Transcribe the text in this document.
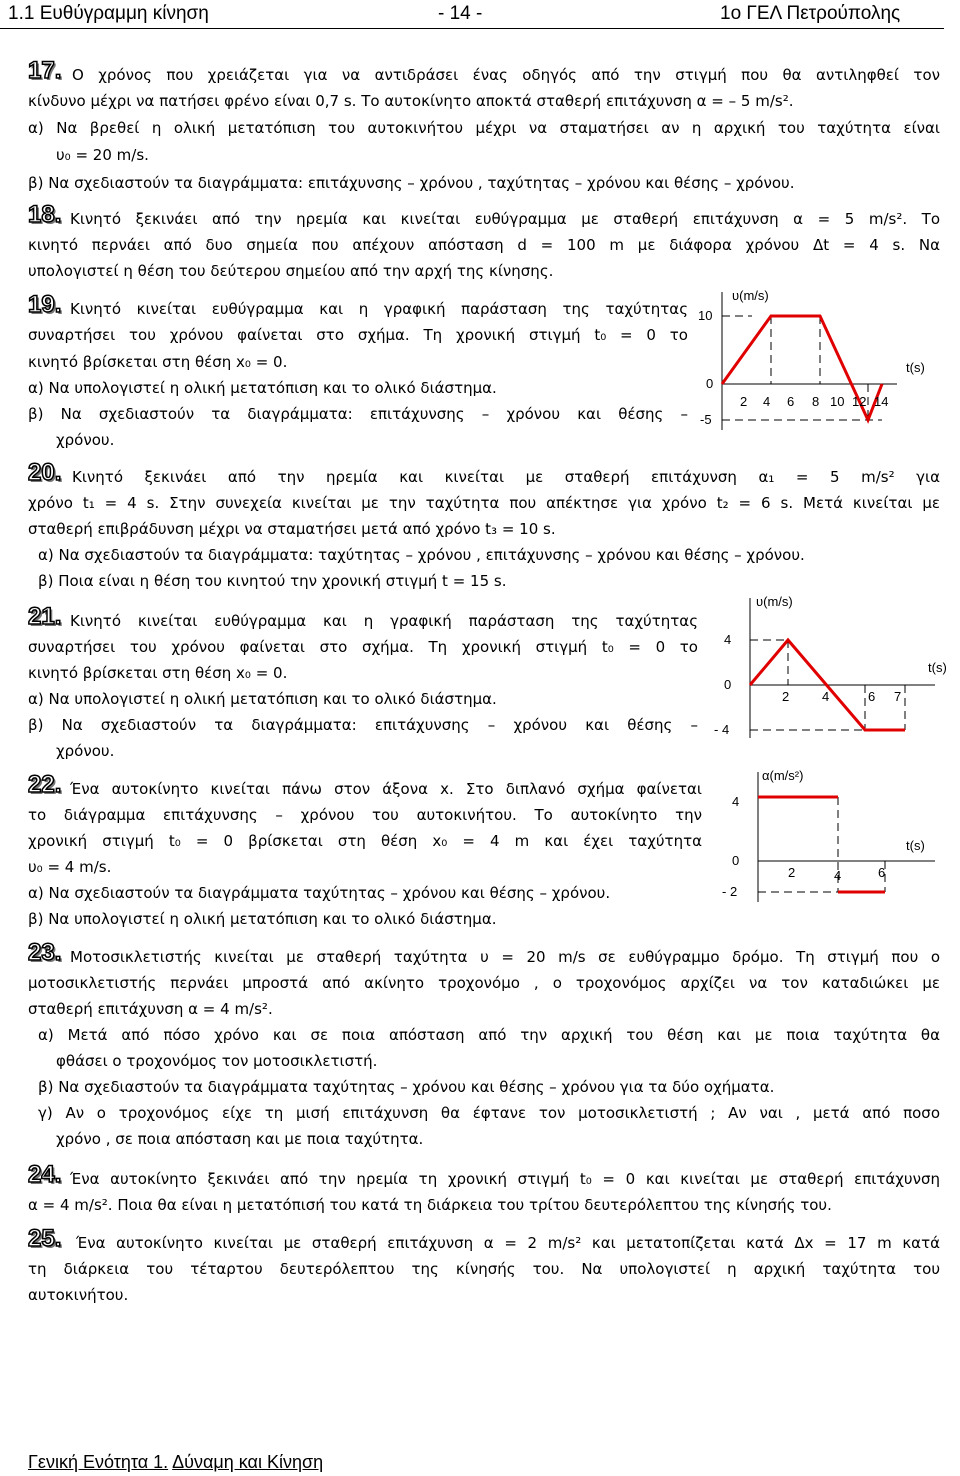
1.1 Ευθύγραμμη κίνηση	- 14 -	1ο ΓΕΛ Πετρούπολης
17. Ο χρόνος που χρειάζεται για να αντιδράσει ένας οδηγός από την στιγμή που θα αντιληφθεί τον
κίνδυνο μέχρι να πατήσει φρένο είναι 0,7 s. Το αυτοκίνητο αποκτά σταθερή επιτάχυνση α = – 5 m/s².
α) Να βρεθεί η ολική μετατόπιση του αυτοκινήτου μέχρι να σταματήσει αν η αρχική του ταχύτητα είναι
υ₀ = 20 m/s.
β) Να σχεδιαστούν τα διαγράμματα: επιτάχυνσης – χρόνου , ταχύτητας – χρόνου και θέσης – χρόνου.
18. Κινητό ξεκινάει από την ηρεμία και κινείται ευθύγραμμα με σταθερή επιτάχυνση α = 5 m/s². Το
κινητό περνάει από δυο σημεία που απέχουν απόσταση d = 100 m με διάφορα χρόνου Δt = 4 s. Να
υπολογιστεί η θέση του δεύτερου σημείου από την αρχή της κίνησης.
19. Κινητό κινείται ευθύγραμμα και η γραφική παράσταση της ταχύτητας
συναρτήσει του χρόνου φαίνεται στο σχήμα. Τη χρονική στιγμή t₀ = 0 το
κινητό βρίσκεται στη θέση x₀ = 0.
α) Να υπολογιστεί η ολική μετατόπιση και το ολικό διάστημα.
β) Να σχεδιαστούν τα διαγράμματα: επιτάχυνσης – χρόνου και θέσης –
χρόνου.
20. Κινητό ξεκινάει από την ηρεμία και κινείται με σταθερή επιτάχυνση α₁ = 5 m/s² για
χρόνο t₁ = 4 s. Στην συνεχεία κινείται με την ταχύτητα που απέκτησε για χρόνο t₂ = 6 s. Μετά κινείται με
σταθερή επιβράδυνση μέχρι να σταματήσει μετά από χρόνο t₃ = 10 s.
α) Να σχεδιαστούν τα διαγράμματα: ταχύτητας – χρόνου , επιτάχυνσης – χρόνου και θέσης – χρόνου.
β) Ποια είναι η θέση του κινητού την χρονική στιγμή t = 15 s.
21. Κινητό κινείται ευθύγραμμα και η γραφική παράσταση της ταχύτητας
συναρτήσει του χρόνου φαίνεται στο σχήμα. Τη χρονική στιγμή t₀ = 0 το
κινητό βρίσκεται στη θέση x₀ = 0.
α) Να υπολογιστεί η ολική μετατόπιση και το ολικό διάστημα.
β) Να σχεδιαστούν τα διαγράμματα: επιτάχυνσης – χρόνου και θέσης –
χρόνου.
22. Ένα αυτοκίνητο κινείται πάνω στον άξονα x. Στο διπλανό σχήμα φαίνεται
το διάγραμμα επιτάχυνσης – χρόνου του αυτοκινήτου. Το αυτοκίνητο την
χρονική στιγμή t₀ = 0 βρίσκεται στη θέση x₀ = 4 m και έχει ταχύτητα
υ₀ = 4 m/s.
α) Να σχεδιαστούν τα διαγράμματα ταχύτητας – χρόνου και θέσης – χρόνου.
β) Να υπολογιστεί η ολική μετατόπιση και το ολικό διάστημα.
23. Μοτοσικλετιστής κινείται με σταθερή ταχύτητα υ = 20 m/s σε ευθύγραμμο δρόμο. Τη στιγμή που ο
μοτοσικλετιστής περνάει μπροστά από ακίνητο τροχονόμο , ο τροχονόμος αρχίζει να τον καταδιώκει με
σταθερή επιτάχυνση α = 4 m/s².
α) Μετά από πόσο χρόνο και σε ποια απόσταση από την αρχική του θέση και με ποια ταχύτητα θα
φθάσει ο τροχονόμος τον μοτοσικλετιστή.
β) Να σχεδιαστούν τα διαγράμματα ταχύτητας – χρόνου και θέσης – χρόνου για τα δύο οχήματα.
γ) Αν ο τροχονόμος είχε τη μισή επιτάχυνση θα έφτανε τον μοτοσικλετιστή ; Αν ναι , μετά από ποσο
χρόνο , σε ποια απόσταση και με ποια ταχύτητα.
24. Ένα αυτοκίνητο ξεκινάει από την ηρεμία τη χρονική στιγμή t₀ = 0 και κινείται με σταθερή επιτάχυνση
α = 4 m/s². Ποια θα είναι η μετατόπισή του κατά τη διάρκεια του τρίτου δευτερόλεπτου της κίνησής του.
25. Ένα αυτοκίνητο κινείται με σταθερή επιτάχυνση α = 2 m/s² και μετατοπίζεται κατά Δx = 17 m κατά
τη διάρκεια του τέταρτου δευτερόλεπτου της κίνησής του. Να υπολογιστεί η αρχική ταχύτητα του
αυτοκινήτου.
υ(m/s)
t(s)
10
0
-5
2 4 6 8 10 12 14
υ(m/s)
t(s)
4
0
- 4
2	4	6 7
α(m/s²)
t(s)
4
0
- 2
2	4	6
Γενική Ενότητα 1. Δύναμη και Κίνηση
